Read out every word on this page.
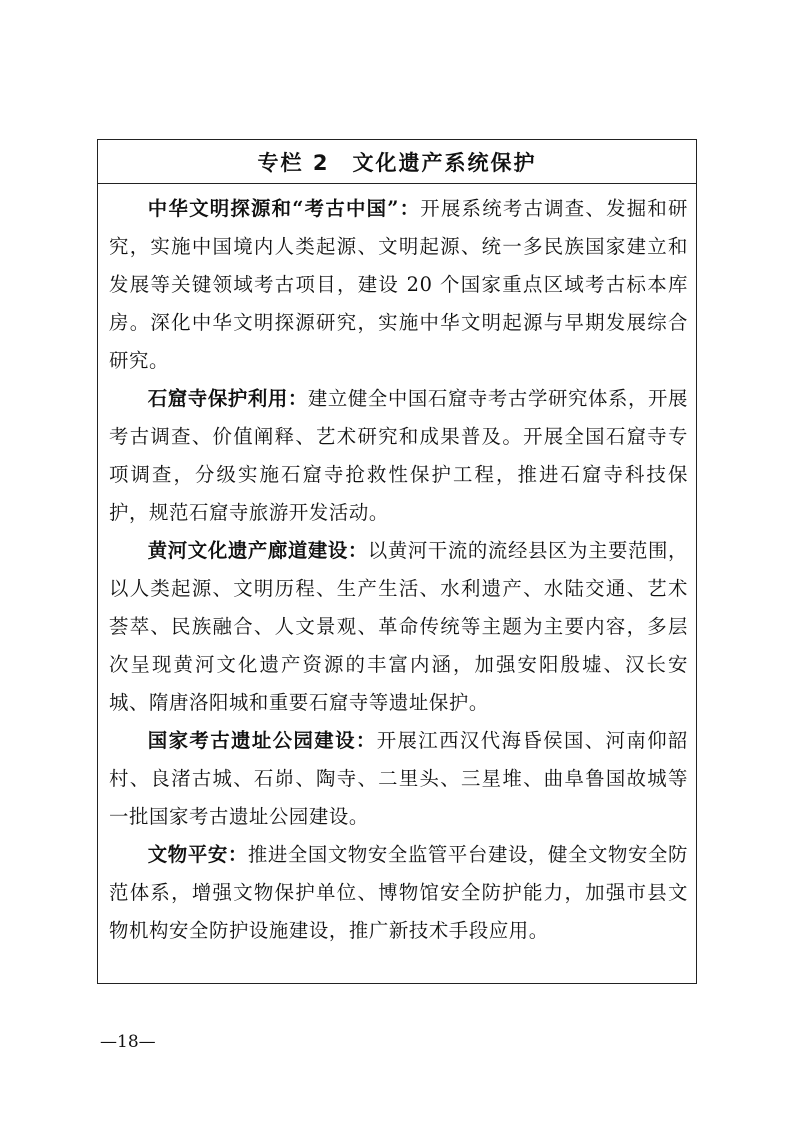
专栏 2　文化遗产系统保护

中华文明探源和“考古中国”：开展系统考古调查、发掘和研究，实施中国境内人类起源、文明起源、统一多民族国家建立和发展等关键领域考古项目，建设 20 个国家重点区域考古标本库房。深化中华文明探源研究，实施中华文明起源与早期发展综合研究。

石窟寺保护利用：建立健全中国石窟寺考古学研究体系，开展考古调查、价值阐释、艺术研究和成果普及。开展全国石窟寺专项调查，分级实施石窟寺抢救性保护工程，推进石窟寺科技保护，规范石窟寺旅游开发活动。

黄河文化遗产廊道建设：以黄河干流的流经县区为主要范围，以人类起源、文明历程、生产生活、水利遗产、水陆交通、艺术荟萃、民族融合、人文景观、革命传统等主题为主要内容，多层次呈现黄河文化遗产资源的丰富内涵，加强安阳殷墟、汉长安城、隋唐洛阳城和重要石窟寺等遗址保护。

国家考古遗址公园建设：开展江西汉代海昏侯国、河南仰韶村、良渚古城、石峁、陶寺、二里头、三星堆、曲阜鲁国故城等一批国家考古遗址公园建设。

文物平安：推进全国文物安全监管平台建设，健全文物安全防范体系，增强文物保护单位、博物馆安全防护能力，加强市县文物机构安全防护设施建设，推广新技术手段应用。

—18—
